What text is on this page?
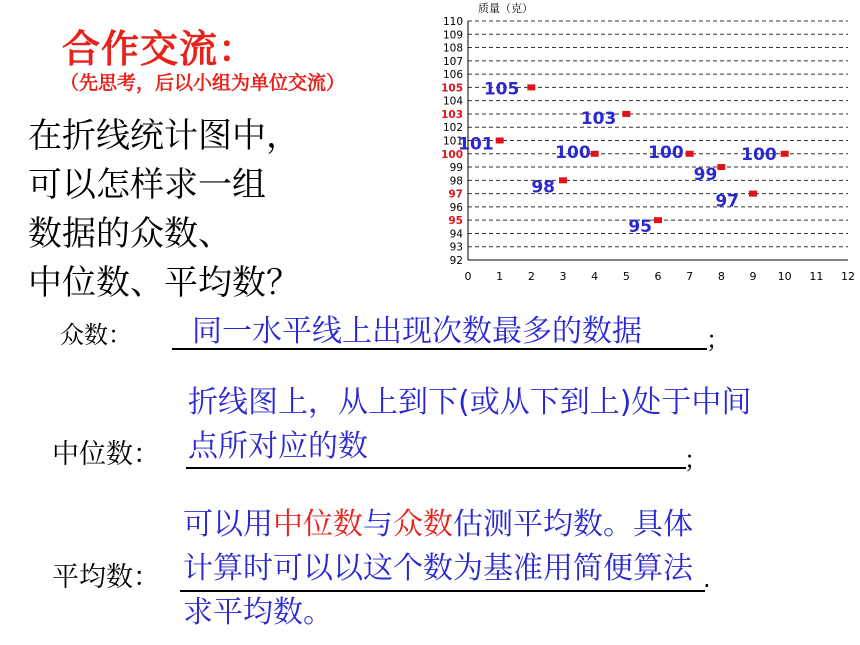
合作交流：
（先思考，后以小组为单位交流）
在折线统计图中，
可以怎样求一组
数据的众数、
中位数、平均数？
众数： 同一水平线上出现次数最多的数据	；
中位数：
折线图上，从上到下(或从下到上)处于中间
点所对应的数	；
平均数：
可以用中位数与众数估测平均数。具体
计算时可以以这个数为基准用简便算法
求平均数。
.
质量（克）
92
93
94
95
96
97
98
99
100
101
102
103
104
105
106
107
108
109
110
0 1 2 3 4 5 6 7 8 9 10 11 12
101
105
98
100
103
95
100
99
97
100
